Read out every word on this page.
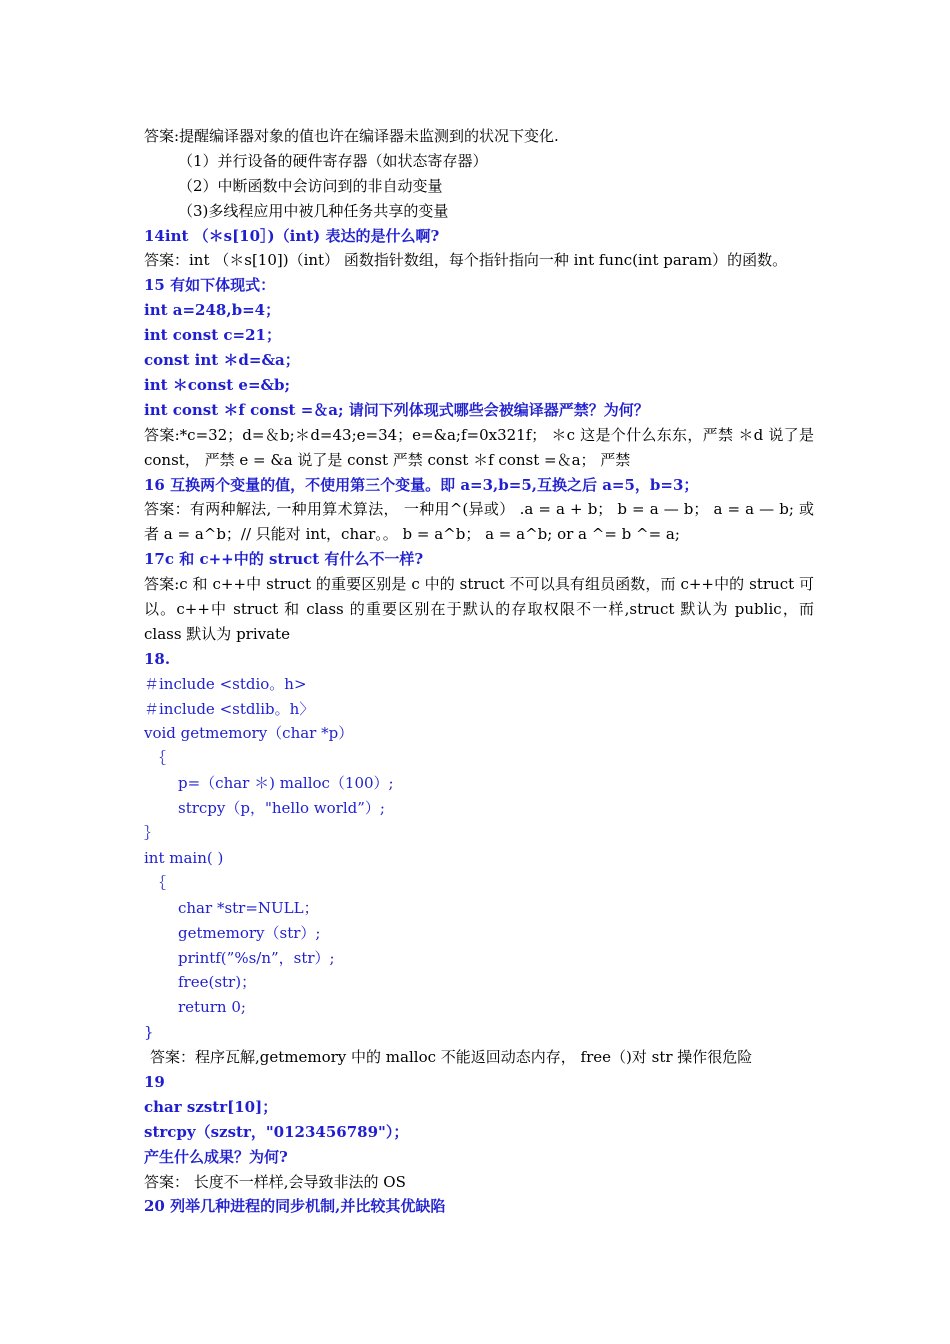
答案:提醒编译器对象的值也许在编译器未监测到的状况下变化.
（1）并行设备的硬件寄存器（如状态寄存器）
（2）中断函数中会访问到的非自动变量
（3)多线程应用中被几种任务共享的变量
14int （＊s[10］)（int) 表达的是什么啊?
答案：int （＊s[10])（int） 函数指针数组，每个指针指向一种 int func(int param）的函数。
15 有如下体现式：
int a=248,b=4；
int const c=21；
const int ＊d=&a；
int ＊const e=&b;
int const ＊f const =＆a; 请问下列体现式哪些会被编译器严禁？为何？
答案:*c=32；d=＆b;＊d=43;e=34；e=&a;f=0x321f； ＊c 这是个什么东东，严禁 ＊d 说了是 const， 严禁 e = &a 说了是 const 严禁 const ＊f const =＆a； 严禁
16 互换两个变量的值，不使用第三个变量。即 a=3,b=5,互换之后 a=5，b=3；
答案：有两种解法, 一种用算术算法， 一种用^(异或） .a = a + b； b = a — b； a = a — b; 或者 a = a^b；// 只能对 int，char。。 b = a^b； a = a^b; or a ^= b ^= a;
17c 和 c++中的 struct 有什么不一样?
答案:c 和 c++中 struct 的重要区别是 c 中的 struct 不可以具有组员函数，而 c++中的 struct 可以。c++中 struct 和 class 的重要区别在于默认的存取权限不一样,struct 默认为 public，而 class 默认为 private
18.
＃include <stdio。h>
＃include <stdlib。h〉
void getmemory（char *p）
｛
p=（char ＊) malloc（100）;
strcpy（p，"hello world”）;
｝
int main( )
｛
char *str=NULL；
getmemory（str）;
printf(”%s/n”，str）;
free(str)；
return 0;
}
答案：程序瓦解,getmemory 中的 malloc 不能返回动态内存， free（)对 str 操作很危险
19
char szstr[10]；
strcpy（szstr，"0123456789"）；
产生什么成果？为何?
答案： 长度不一样样,会导致非法的 OS
20 列举几种进程的同步机制,并比较其优缺陷
